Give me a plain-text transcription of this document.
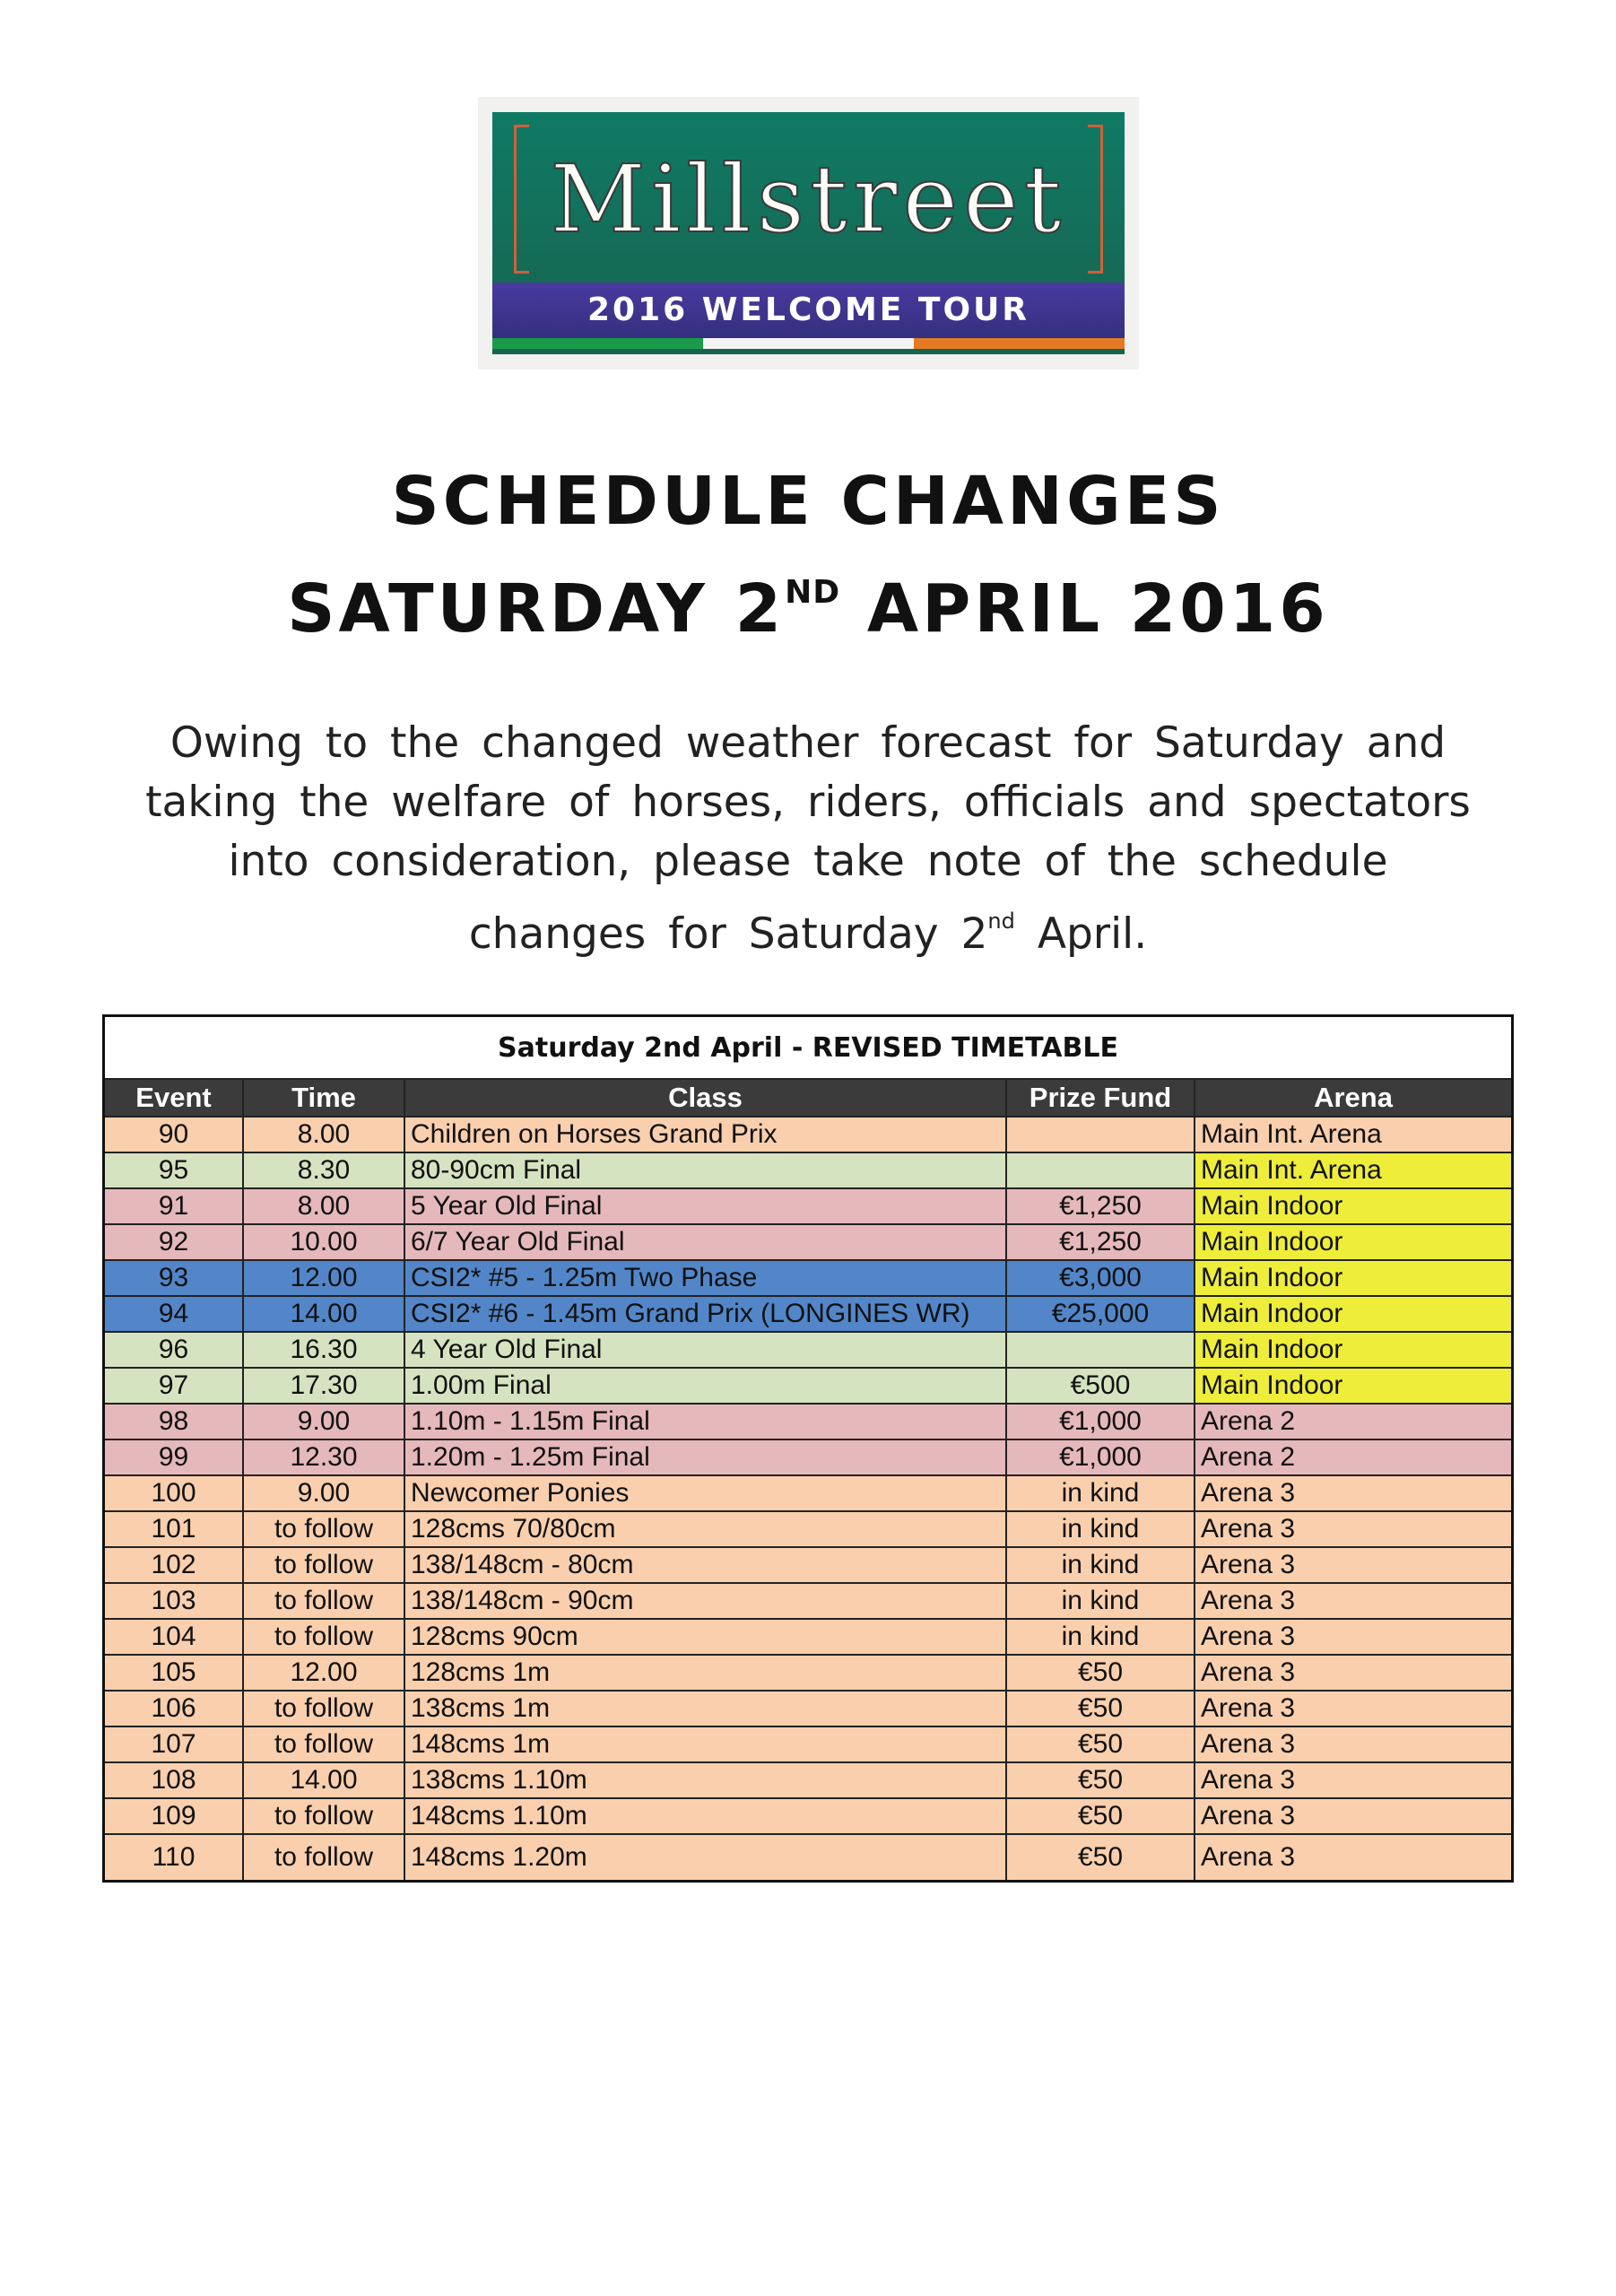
Millstreet
2016 WELCOME TOUR
SCHEDULE CHANGES
SATURDAY 2ND APRIL 2016
Owing to the changed weather forecast for Saturday and taking the welfare of horses, riders, officials and spectators into consideration, please take note of the schedule changes for Saturday 2nd April.
Saturday 2nd April - REVISED TIMETABLE				
Event	Time	Class	Prize Fund	Arena
90	8.00	Children on Horses Grand Prix		Main Int. Arena
95	8.30	80-90cm Final		Main Int. Arena
91	8.00	5 Year Old Final	€1,250	Main Indoor
92	10.00	6/7 Year Old Final	€1,250	Main Indoor
93	12.00	CSI2* #5 - 1.25m Two Phase	€3,000	Main Indoor
94	14.00	CSI2* #6 - 1.45m Grand Prix (LONGINES WR)	€25,000	Main Indoor
96	16.30	4 Year Old Final		Main Indoor
97	17.30	1.00m Final	€500	Main Indoor
98	9.00	1.10m - 1.15m Final	€1,000	Arena 2
99	12.30	1.20m - 1.25m Final	€1,000	Arena 2
100	9.00	Newcomer Ponies	in kind	Arena 3
101	to follow	128cms 70/80cm	in kind	Arena 3
102	to follow	138/148cm - 80cm	in kind	Arena 3
103	to follow	138/148cm - 90cm	in kind	Arena 3
104	to follow	128cms 90cm	in kind	Arena 3
105	12.00	128cms 1m	€50	Arena 3
106	to follow	138cms 1m	€50	Arena 3
107	to follow	148cms 1m	€50	Arena 3
108	14.00	138cms 1.10m	€50	Arena 3
109	to follow	148cms 1.10m	€50	Arena 3
110	to follow	148cms 1.20m	€50	Arena 3
